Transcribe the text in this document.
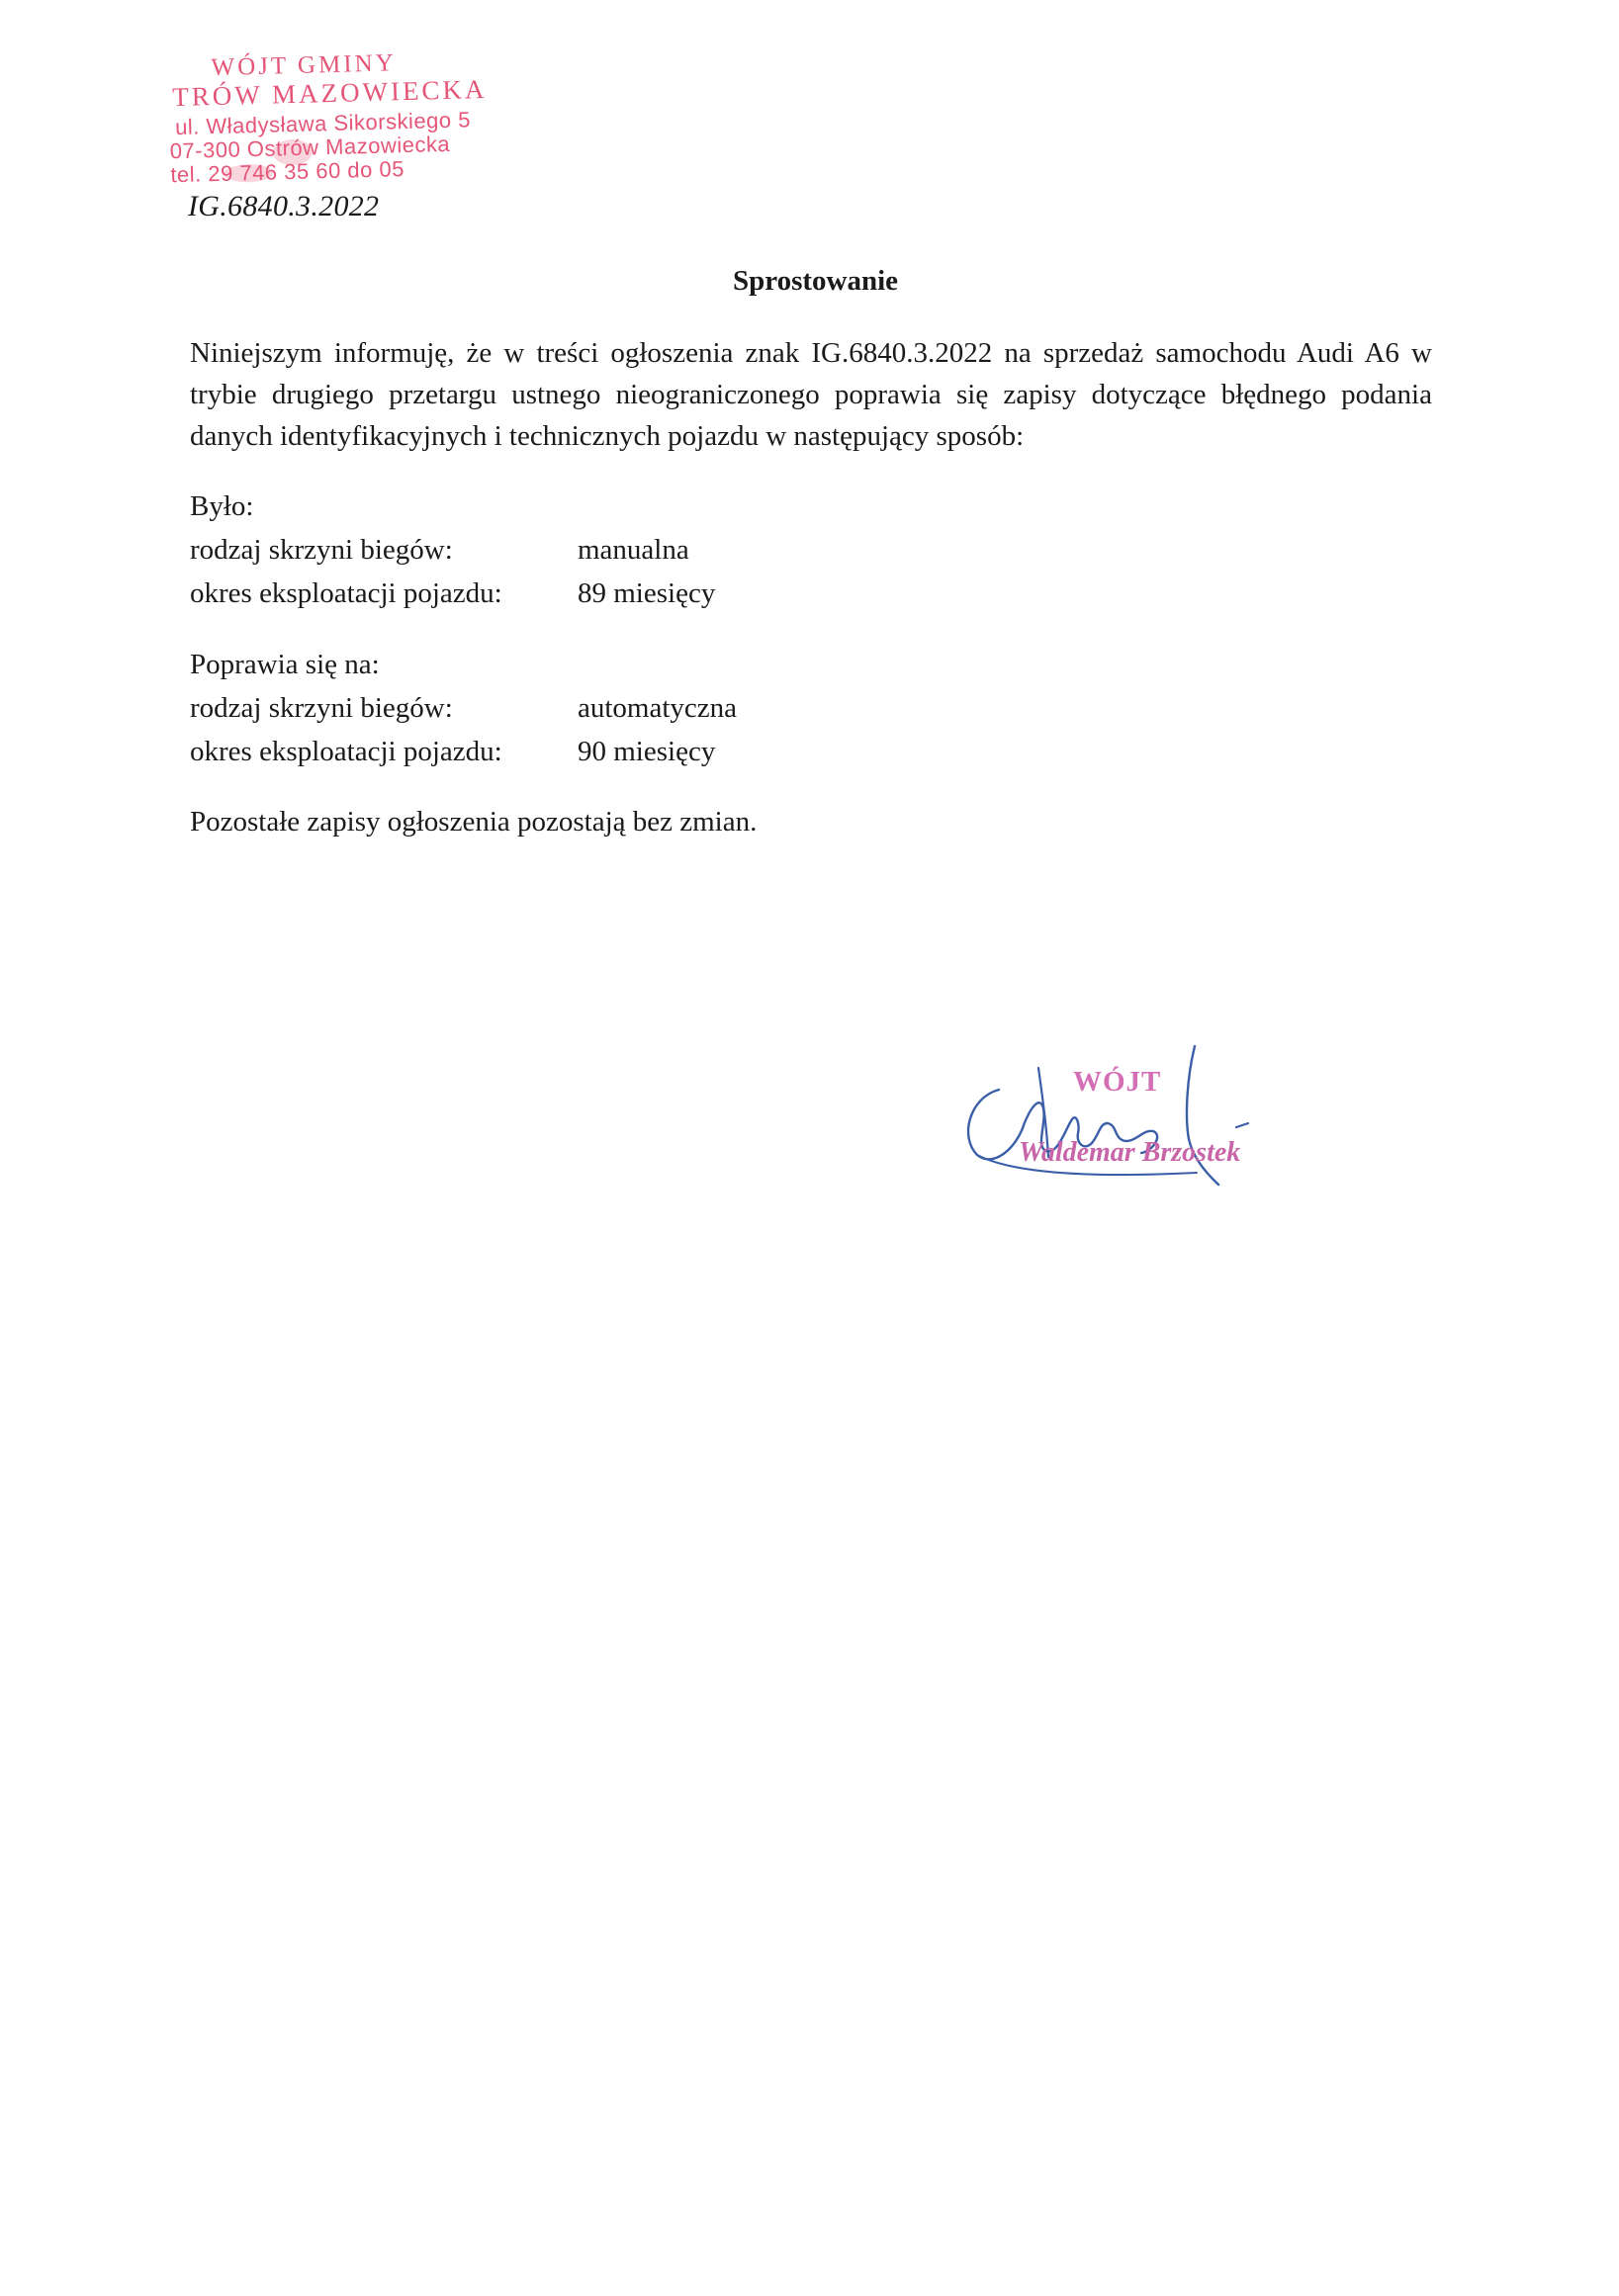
WÓJT GMINY
TRÓW MAZOWIECKA
ul. Władysława Sikorskiego 5
07-300 Ostrów Mazowiecka
tel. 29 746 35 60 do 05
IG.6840.3.2022
Sprostowanie

Niniejszym informuję, że w treści ogłoszenia znak IG.6840.3.2022 na sprzedaż samochodu Audi A6 w trybie drugiego przetargu ustnego nieograniczonego poprawia się zapisy dotyczące błędnego podania danych identyfikacyjnych i technicznych pojazdu w następujący sposób:

Było:
rodzaj skrzyni biegów:	manualna
okres eksploatacji pojazdu:	89 miesięcy
Poprawia się na:
rodzaj skrzyni biegów:	automatyczna
okres eksploatacji pojazdu:	90 miesięcy
Pozostałe zapisy ogłoszenia pozostają bez zmian.
WÓJT
Waldemar Brzostek
